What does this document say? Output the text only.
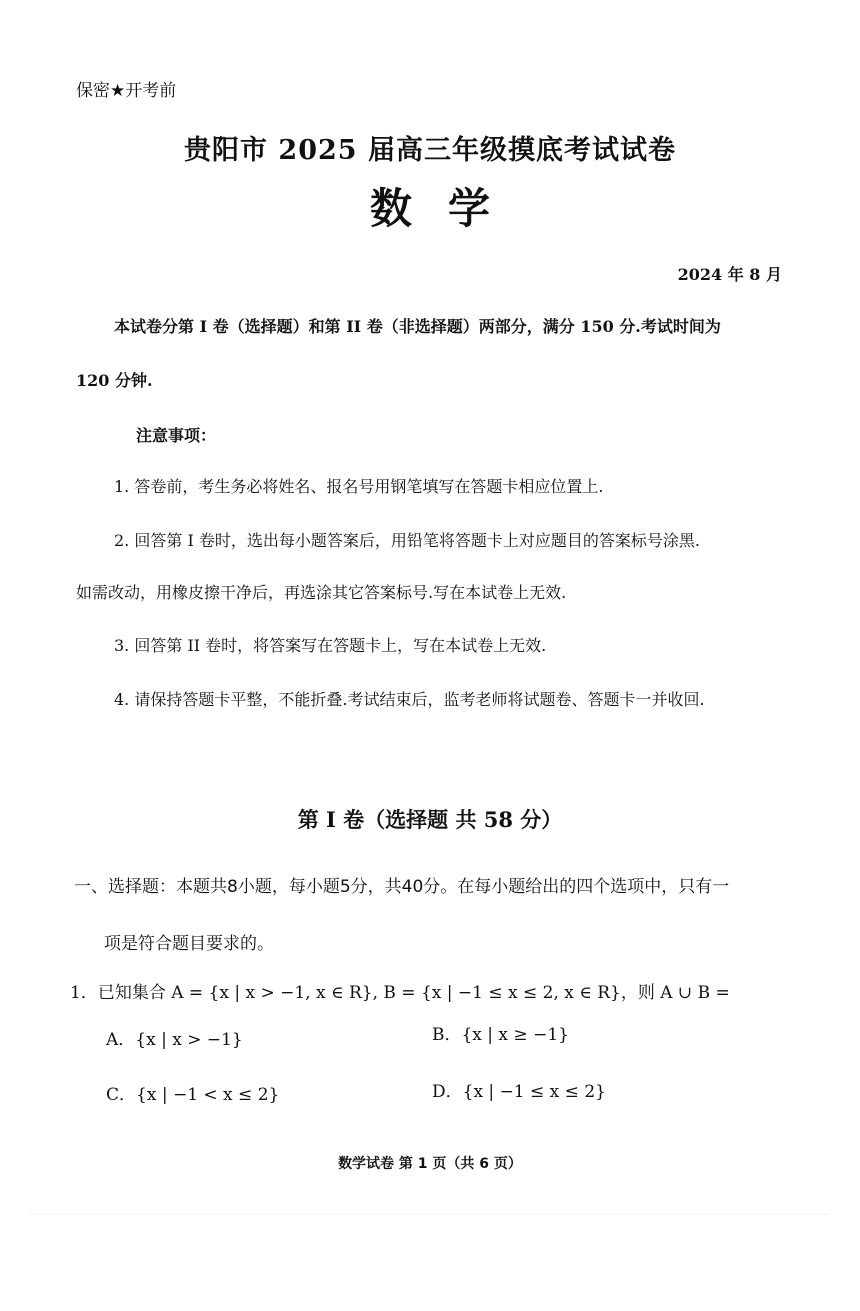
保密★开考前
贵阳市 2025 届高三年级摸底考试试卷
数学
2024 年 8 月
本试卷分第 I 卷（选择题）和第 II 卷（非选择题）两部分，满分 150 分.考试时间为
120 分钟.
注意事项：
1. 答卷前，考生务必将姓名、报名号用钢笔填写在答题卡相应位置上.
2. 回答第 I 卷时，选出每小题答案后，用铅笔将答题卡上对应题目的答案标号涂黑.
如需改动，用橡皮擦干净后，再选涂其它答案标号.写在本试卷上无效.
3. 回答第 II 卷时，将答案写在答题卡上，写在本试卷上无效.
4. 请保持答题卡平整，不能折叠.考试结束后，监考老师将试题卷、答题卡一并收回.
第 I 卷（选择题 共 58 分）
一、选择题：本题共8小题，每小题5分，共40分。在每小题给出的四个选项中，只有一
项是符合题目要求的。
1．已知集合 A = {x | x > −1, x ∈ R}, B = {x | −1 ≤ x ≤ 2, x ∈ R}，则 A ∪ B =
A．{x | x > −1}	B．{x | x ≥ −1}
C．{x | −1 < x ≤ 2}	D．{x | −1 ≤ x ≤ 2}
数学试卷 第 1 页（共 6 页）
